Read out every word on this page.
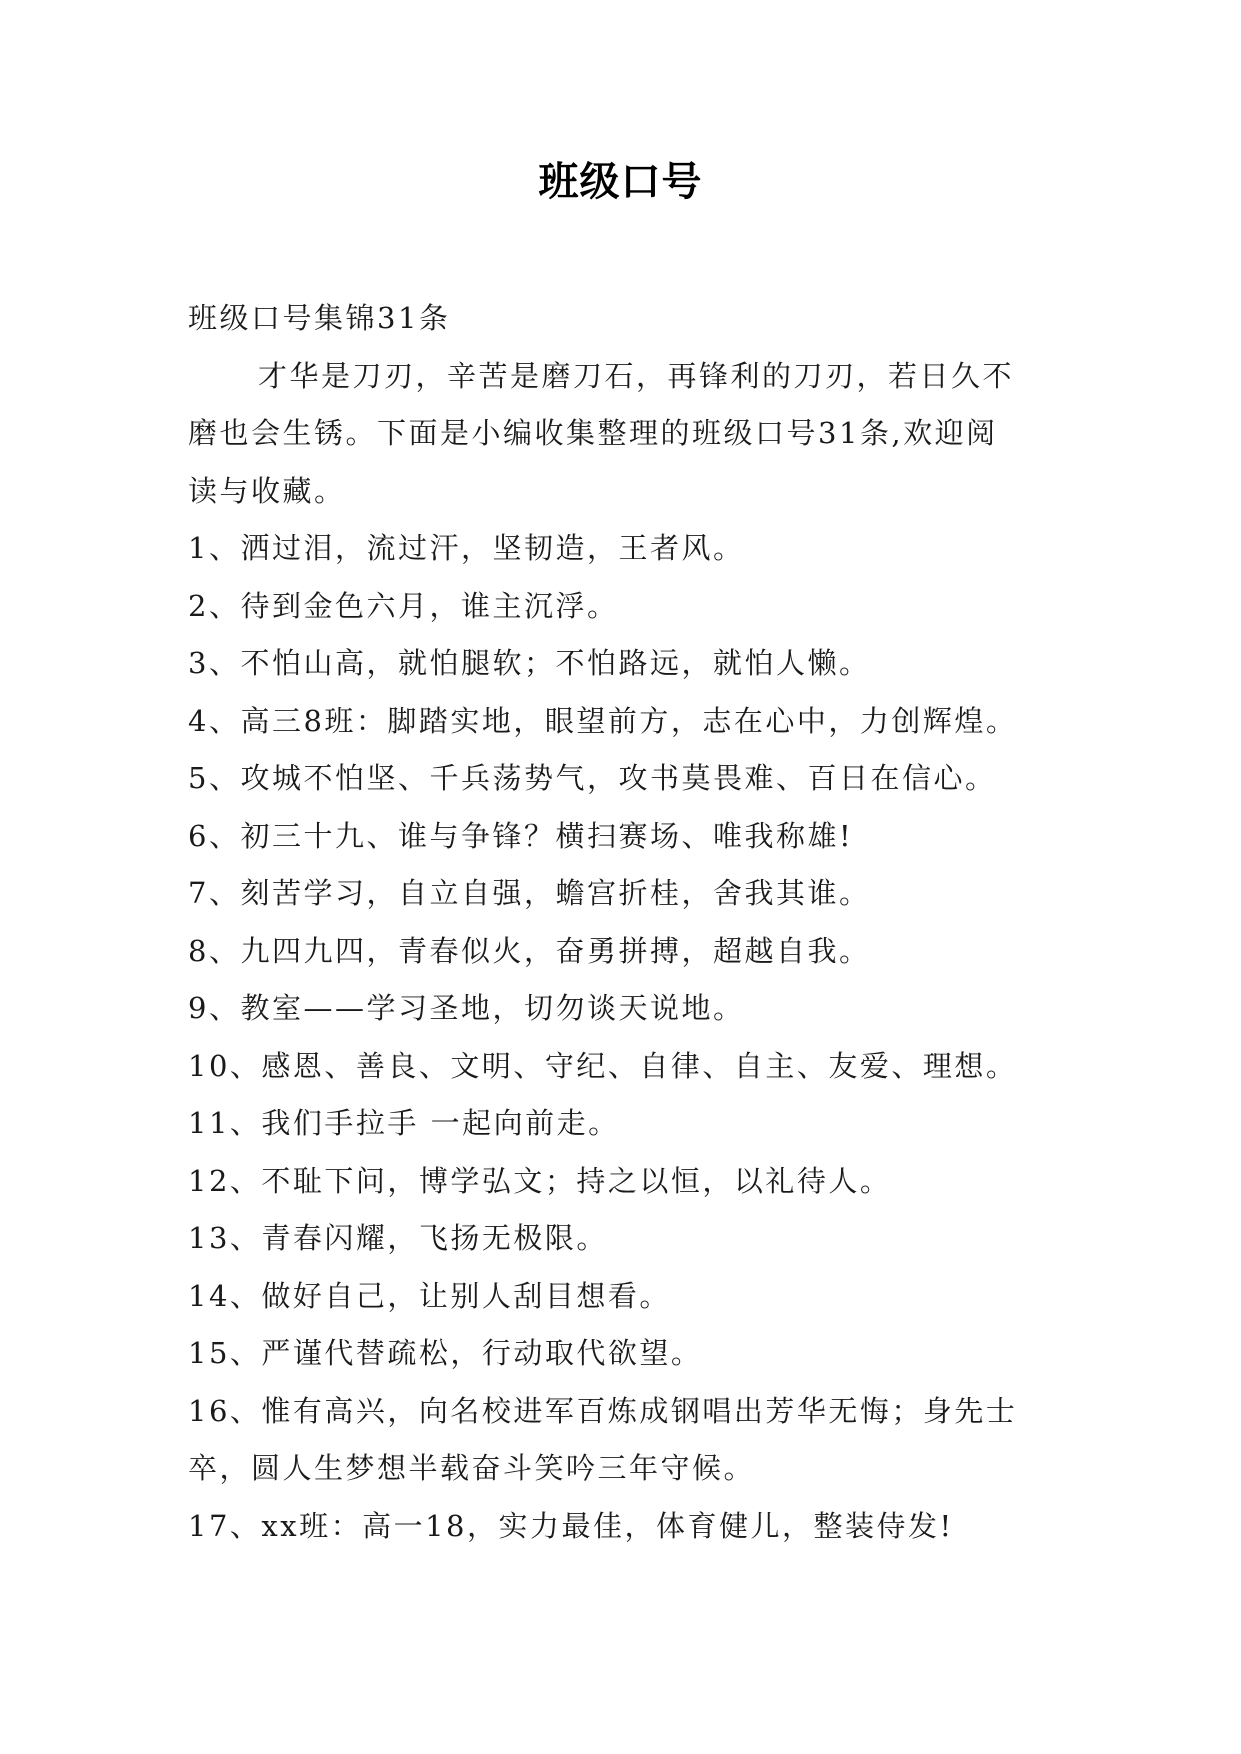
班级口号
班级口号集锦31条
才华是刀刃，辛苦是磨刀石，再锋利的刀刃，若日久不
磨也会生锈。下面是小编收集整理的班级口号31条,欢迎阅
读与收藏。
1、洒过泪，流过汗，坚韧造，王者风。
2、待到金色六月，谁主沉浮。
3、不怕山高，就怕腿软；不怕路远，就怕人懒。
4、高三8班：脚踏实地，眼望前方，志在心中，力创辉煌。
5、攻城不怕坚、千兵荡势气，攻书莫畏难、百日在信心。
6、初三十九、谁与争锋？横扫赛场、唯我称雄!
7、刻苦学习，自立自强，蟾宫折桂，舍我其谁。
8、九四九四，青春似火，奋勇拼搏，超越自我。
9、教室——学习圣地，切勿谈天说地。
10、感恩、善良、文明、守纪、自律、自主、友爱、理想。
11、我们手拉手 一起向前走。
12、不耻下问，博学弘文；持之以恒，以礼待人。
13、青春闪耀，飞扬无极限。
14、做好自己，让别人刮目想看。
15、严谨代替疏松，行动取代欲望。
16、惟有高兴，向名校进军百炼成钢唱出芳华无悔；身先士
卒，圆人生梦想半载奋斗笑吟三年守候。
17、xx班：高一18，实力最佳，体育健儿，整装侍发!
